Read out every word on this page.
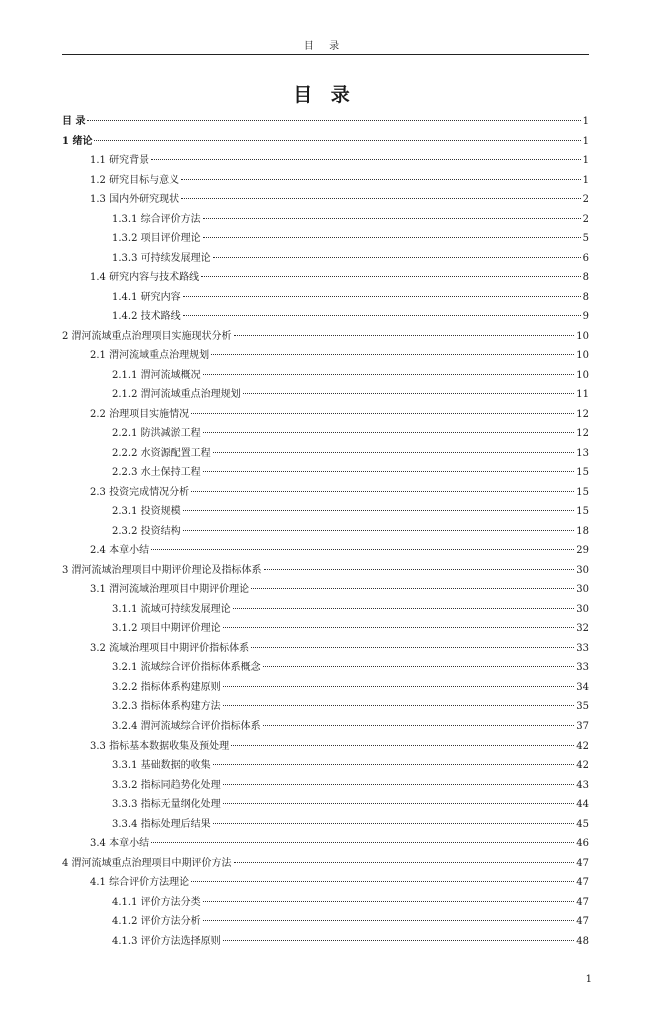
目 录
目 录
目 录	1
1 绪论	1
1.1 研究背景	1
1.2 研究目标与意义	1
1.3 国内外研究现状	2
1.3.1 综合评价方法	2
1.3.2 项目评价理论	5
1.3.3 可持续发展理论	6
1.4 研究内容与技术路线	8
1.4.1 研究内容	8
1.4.2 技术路线	9
2 渭河流域重点治理项目实施现状分析	10
2.1 渭河流域重点治理规划	10
2.1.1 渭河流域概况	10
2.1.2 渭河流域重点治理规划	11
2.2 治理项目实施情况	12
2.2.1 防洪减淤工程	12
2.2.2 水资源配置工程	13
2.2.3 水土保持工程	15
2.3 投资完成情况分析	15
2.3.1 投资规模	15
2.3.2 投资结构	18
2.4 本章小结	29
3 渭河流域治理项目中期评价理论及指标体系	30
3.1 渭河流域治理项目中期评价理论	30
3.1.1 流域可持续发展理论	30
3.1.2 项目中期评价理论	32
3.2 流域治理项目中期评价指标体系	33
3.2.1 流域综合评价指标体系概念	33
3.2.2 指标体系构建原则	34
3.2.3 指标体系构建方法	35
3.2.4 渭河流域综合评价指标体系	37
3.3 指标基本数据收集及预处理	42
3.3.1 基础数据的收集	42
3.3.2 指标同趋势化处理	43
3.3.3 指标无量纲化处理	44
3.3.4 指标处理后结果	45
3.4 本章小结	46
4 渭河流域重点治理项目中期评价方法	47
4.1 综合评价方法理论	47
4.1.1 评价方法分类	47
4.1.2 评价方法分析	47
4.1.3 评价方法选择原则	48
1
